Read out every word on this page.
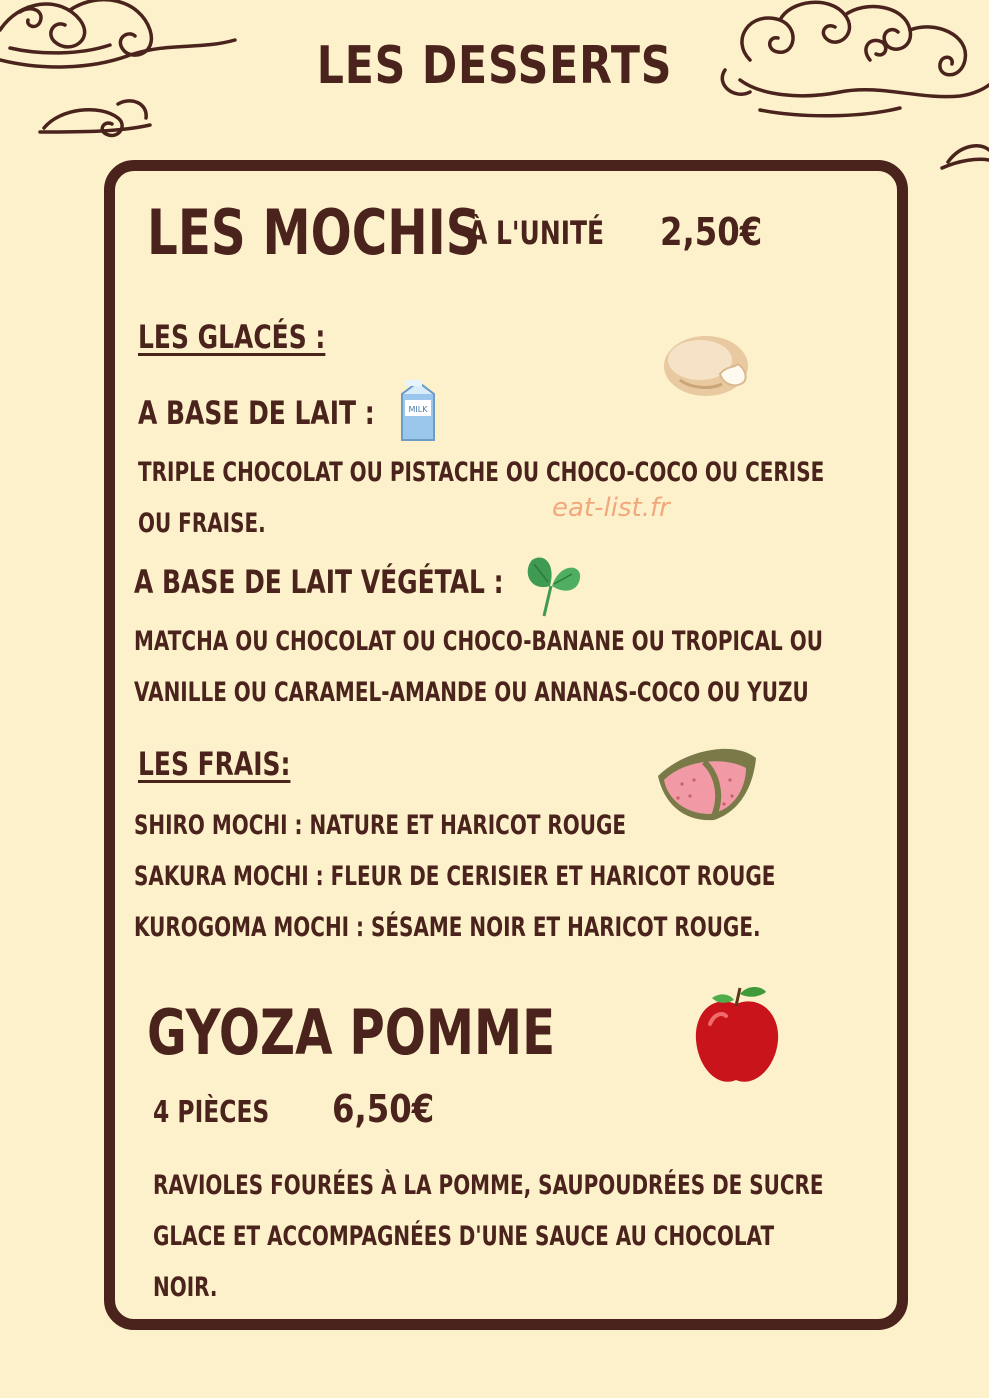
LES DESSERTS
LES MOCHIS
À L'UNITÉ 2,50€
LES GLACÉS :
A BASE DE LAIT :	MILK
TRIPLE CHOCOLAT OU PISTACHE OU CHOCO-COCO OU CERISE
OU FRAISE.	eat-list.fr
A BASE DE LAIT VÉGÉTAL :
MATCHA OU CHOCOLAT OU CHOCO-BANANE OU TROPICAL OU
VANILLE OU CARAMEL-AMANDE OU ANANAS-COCO OU YUZU
LES FRAIS:
SHIRO MOCHI : NATURE ET HARICOT ROUGE
SAKURA MOCHI : FLEUR DE CERISIER ET HARICOT ROUGE
KUROGOMA MOCHI : SÉSAME NOIR ET HARICOT ROUGE.
GYOZA POMME
4 PIÈCES 6,50€
RAVIOLES FOURÉES À LA POMME, SAUPOUDRÉES DE SUCRE
GLACE ET ACCOMPAGNÉES D'UNE SAUCE AU CHOCOLAT
NOIR.
